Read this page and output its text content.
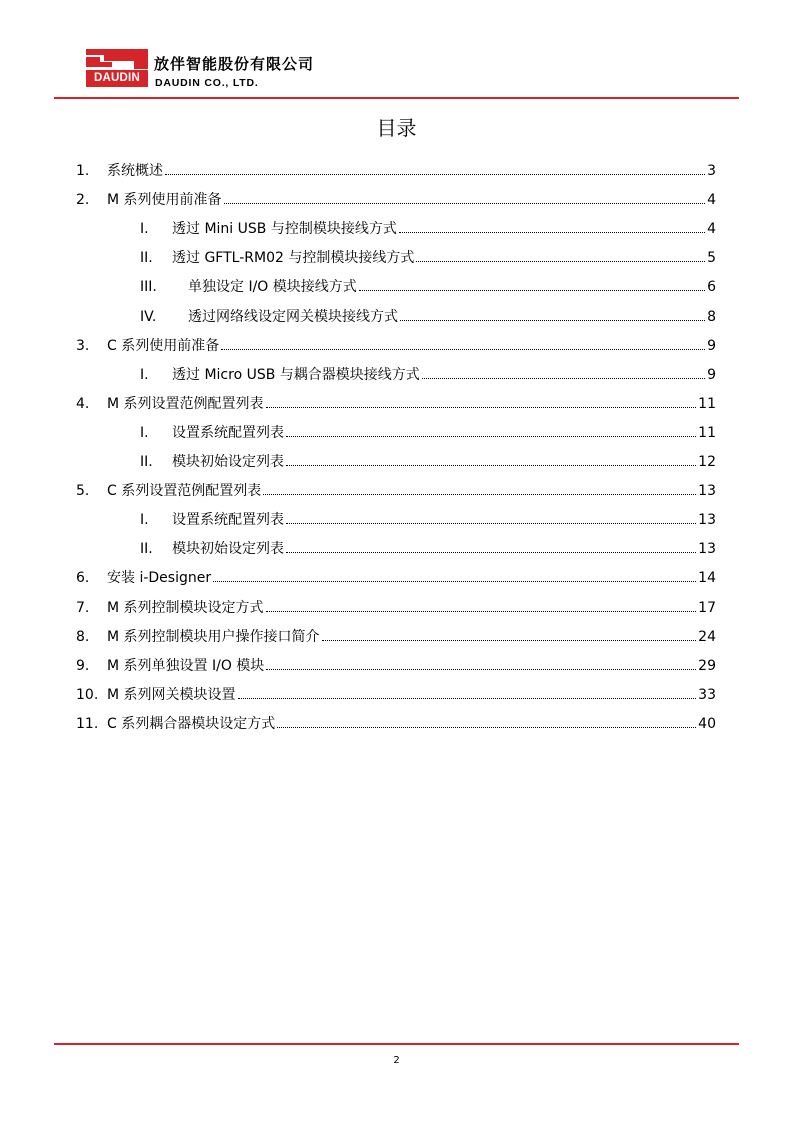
DAUDIN
放伴智能股份有限公司
DAUDIN CO., LTD.
目录
1. 系统概述	3
2. M 系列使用前准备	4
I. 透过 Mini USB 与控制模块接线方式	4
II. 透过 GFTL-RM02 与控制模块接线方式	5
III. 单独设定 I/O 模块接线方式	6
IV. 透过网络线设定网关模块接线方式	8
3. C 系列使用前准备	9
I. 透过 Micro USB 与耦合器模块接线方式	9
4. M 系列设置范例配置列表	11
I. 设置系统配置列表	11
II. 模块初始设定列表	12
5. C 系列设置范例配置列表	13
I. 设置系统配置列表	13
II. 模块初始设定列表	13
6. 安装 i-Designer	14
7. M 系列控制模块设定方式	17
8. M 系列控制模块用户操作接口简介	24
9. M 系列单独设置 I/O 模块	29
10. M 系列网关模块设置	33
11. C 系列耦合器模块设定方式	40
2
